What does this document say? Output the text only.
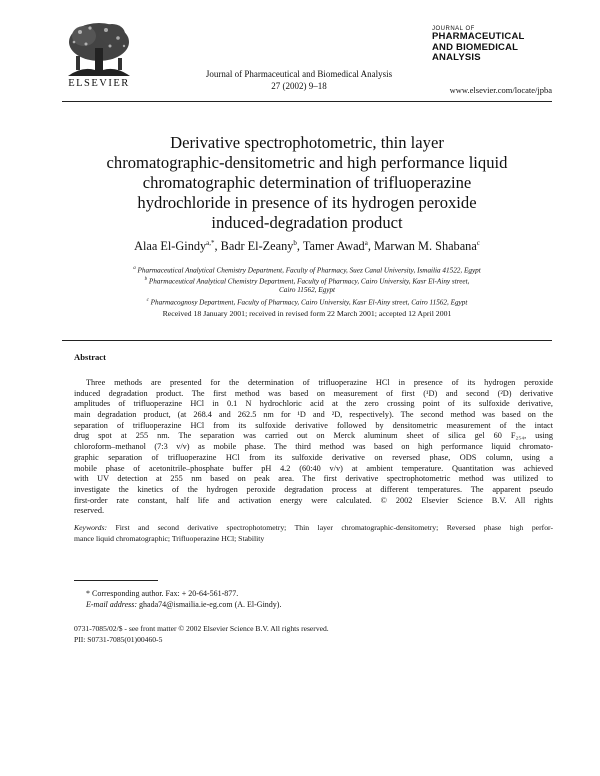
ELSEVIER
Journal of Pharmaceutical and Biomedical Analysis
27 (2002) 9–18
JOURNAL OF
PHARMACEUTICAL
AND BIOMEDICAL
ANALYSIS
www.elsevier.com/locate/jpba
Derivative spectrophotometric, thin layer
chromatographic-densitometric and high performance liquid
chromatographic determination of trifluoperazine
hydrochloride in presence of its hydrogen peroxide
induced-degradation product
Alaa El-Gindy$^{a,*}$, Badr El-Zeany$^b$, Tamer Awad$^a$, Marwan M. Shabana$^c$
$^a$ Pharmaceutical Analytical Chemistry Department, Faculty of Pharmacy, Suez Canal University, Ismailia 41522, Egypt
$^b$ Pharmaceutical Analytical Chemistry Department, Faculty of Pharmacy, Cairo University, Kasr El-Ainy street,
Cairo 11562, Egypt
$^c$ Pharmacognosy Department, Faculty of Pharmacy, Cairo University, Kasr El-Ainy street, Cairo 11562, Egypt
Received 18 January 2001; received in revised form 22 March 2001; accepted 12 April 2001
Abstract
Three methods are presented for the determination of trifluoperazine HCl in presence of its hydrogen peroxide
induced degradation product. The first method was based on measurement of first (¹D) and second (²D) derivative
amplitudes of trifluoperazine HCl in 0.1 N hydrochloric acid at the zero crossing point of its sulfoxide derivative,
main degradation product, (at 268.4 and 262.5 nm for ¹D and ²D, respectively). The second method was based on the
separation of trifluoperazine HCl from its sulfoxide derivative followed by densitometric measurement of the intact
drug spot at 255 nm. The separation was carried out on Merck aluminum sheet of silica gel 60 F₂₅₄, using
chloroform–methanol (7:3 v/v) as mobile phase. The third method was based on high performance liquid chromato-
graphic separation of trifluoperazine HCl from its sulfoxide derivative on reversed phase, ODS column, using a
mobile phase of acetonitrile–phosphate buffer pH 4.2 (60:40 v/v) at ambient temperature. Quantitation was achieved
with UV detection at 255 nm based on peak area. The first derivative spectrophotometric method was utilized to
investigate the kinetics of the hydrogen peroxide degradation process at different temperatures. The apparent pseudo
first-order rate constant, half life and activation energy were calculated. © 2002 Elsevier Science B.V. All rights
reserved.
Keywords: First and second derivative spectrophotometry; Thin layer chromatographic-densitometry; Reversed phase high perfor-
mance liquid chromatographic; Trifluoperazine HCl; Stability
* Corresponding author. Fax: + 20-64-561-877.
E-mail address: ghada74@ismailia.ie-eg.com (A. El-Gindy).
0731-7085/02/$ - see front matter © 2002 Elsevier Science B.V. All rights reserved.
PII: S0731-7085(01)00460-5
